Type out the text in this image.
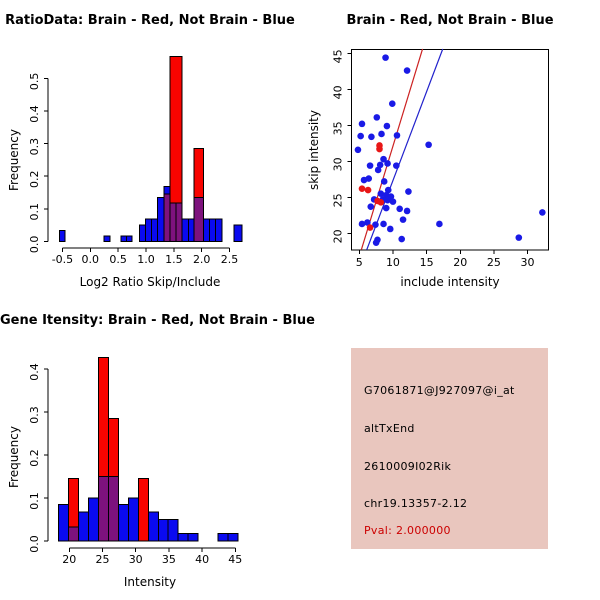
-0.5 0.0 0.5 1.0 1.5 2.0 2.5
0.0
0.1
0.2
0.3
0.4
0.5
RatioData: Brain - Red, Not Brain - Blue
Log2 Ratio Skip/Include
Frequency
5 10 15 20 25 30
20
25
30
35
40
45
Brain - Red, Not Brain - Blue
include intensity
skip intensity
20 25 30 35 40 45
0.0
0.1
0.2
0.3
0.4
Gene Itensity: Brain - Red, Not Brain - Blue
Intensity
Frequency
G7061871@J927097@i_at
altTxEnd
2610009I02Rik
chr19.13357-2.12
Pval: 2.000000
